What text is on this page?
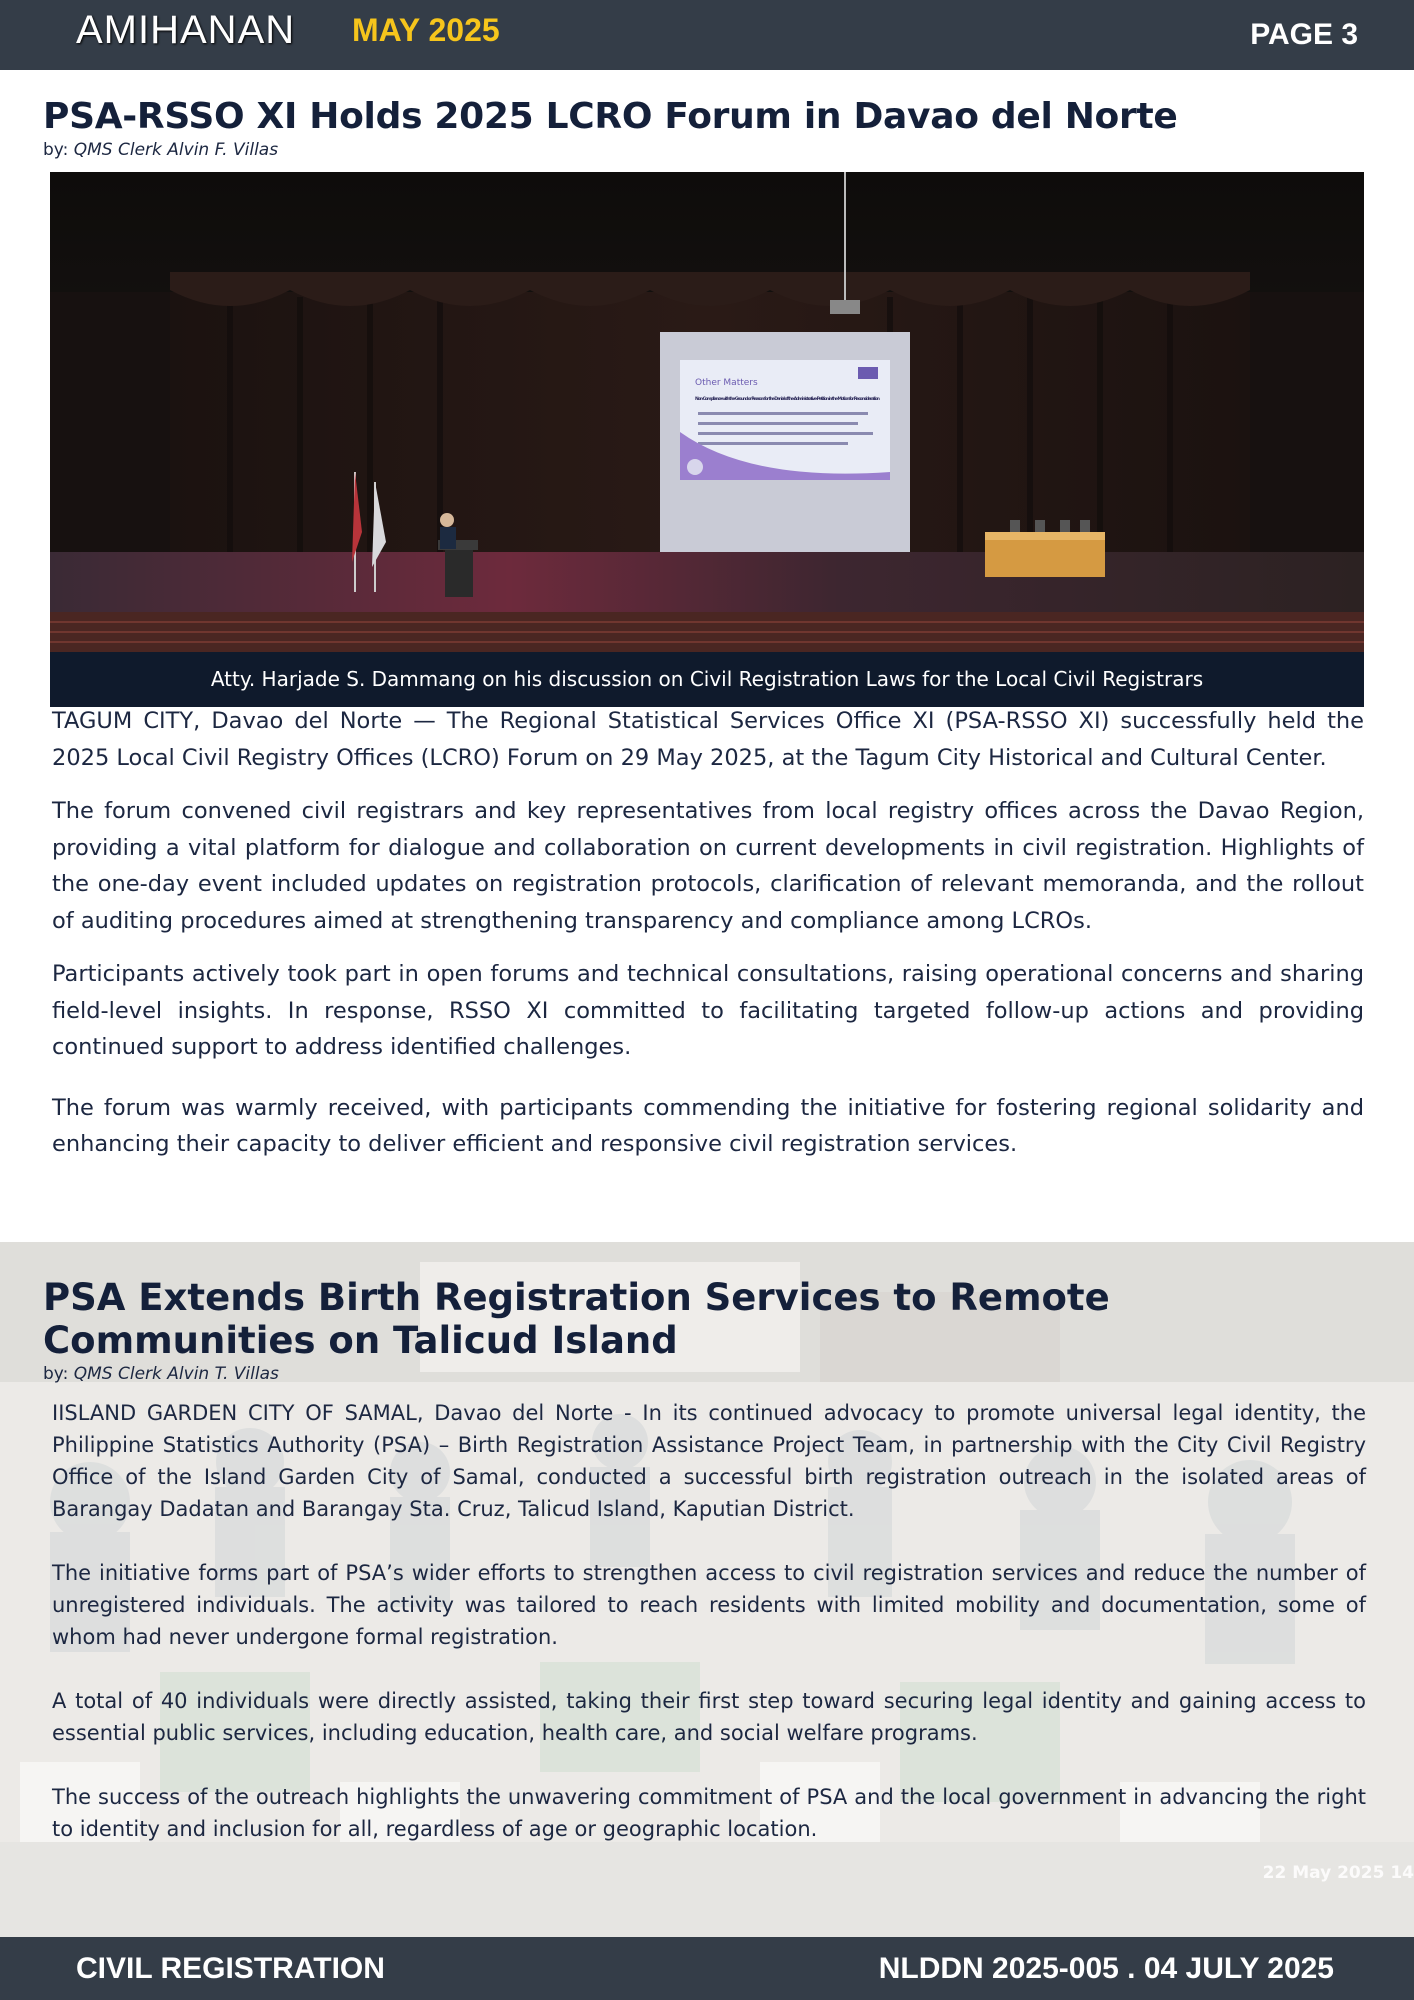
AMIHANAN MAY 2025	PAGE 3
PSA-RSSO XI Holds 2025 LCRO Forum in Davao del Norte
by: QMS Clerk Alvin F. Villas
Other Matters
Non-Compliance with the Ground or Reason for the Denial of the Administrative Petition in the Motion for Reconsideration
Atty. Harjade S. Dammang on his discussion on Civil Registration Laws for the Local Civil Registrars

TAGUM CITY, Davao del Norte — The Regional Statistical Services Office XI (PSA-RSSO XI) successfully held the 2025 Local Civil Registry Offices (LCRO) Forum on 29 May 2025, at the Tagum City Historical and Cultural Center.

The forum convened civil registrars and key representatives from local registry offices across the Davao Region, providing a vital platform for dialogue and collaboration on current developments in civil registration. Highlights of the one-day event included updates on registration protocols, clarification of relevant memoranda, and the rollout of auditing procedures aimed at strengthening transparency and compliance among LCROs.

Participants actively took part in open forums and technical consultations, raising operational concerns and sharing field-level insights. In response, RSSO XI committed to facilitating targeted follow-up actions and providing continued support to address identified challenges.

The forum was warmly received, with participants commending the initiative for fostering regional solidarity and enhancing their capacity to deliver efficient and responsive civil registration services.

22 May 2025 14
PSA Extends Birth Registration Services to Remote Communities on Talicud Island
by: QMS Clerk Alvin T. Villas

IISLAND GARDEN CITY OF SAMAL, Davao del Norte - In its continued advocacy to promote universal legal identity, the Philippine Statistics Authority (PSA) – Birth Registration Assistance Project Team, in partnership with the City Civil Registry Office of the Island Garden City of Samal, conducted a successful birth registration outreach in the isolated areas of Barangay Dadatan and Barangay Sta. Cruz, Talicud Island, Kaputian District.

The initiative forms part of PSA’s wider efforts to strengthen access to civil registration services and reduce the number of unregistered individuals. The activity was tailored to reach residents with limited mobility and documentation, some of whom had never undergone formal registration.

A total of 40 individuals were directly assisted, taking their first step toward securing legal identity and gaining access to essential public services, including education, health care, and social welfare programs.

The success of the outreach highlights the unwavering commitment of PSA and the local government in advancing the right to identity and inclusion for all, regardless of age or geographic location.

CIVIL REGISTRATION	NLDDN 2025-005 . 04 JULY 2025
